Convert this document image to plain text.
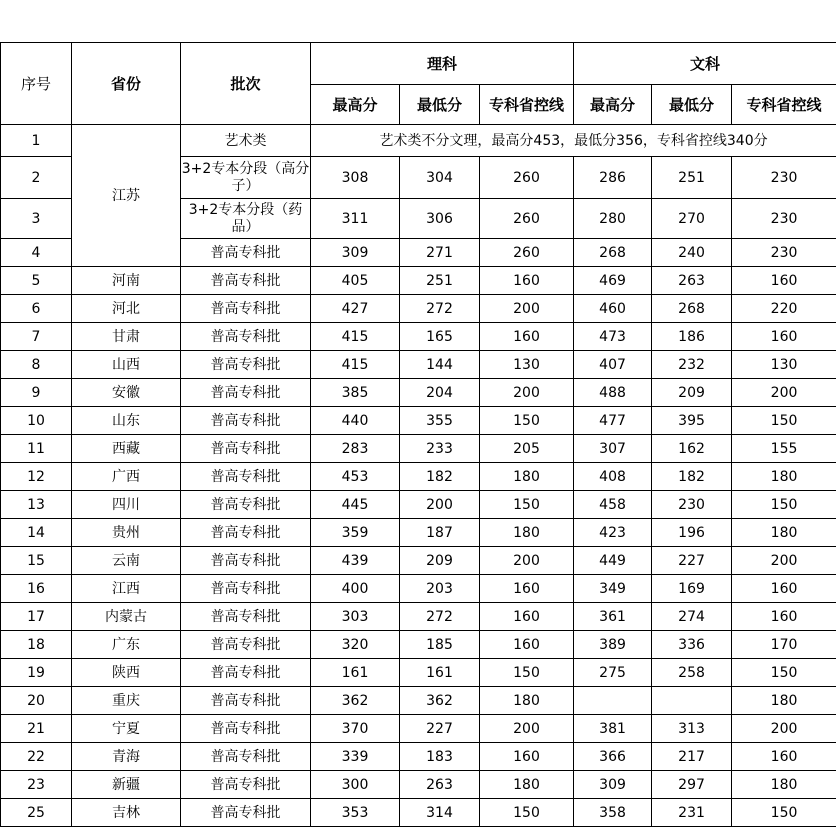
序号	省份	批次	理科			文科		
			最高分	最低分	专科省控线	最高分	最低分	专科省控线
1	江苏	艺术类	艺术类不分文理，最高分453，最低分356，专科省控线340分					
2		3+2专本分段（高分子）	308	304	260	286	251	230
3		3+2专本分段（药品）	311	306	260	280	270	230
4		普高专科批	309	271	260	268	240	230
5	河南	普高专科批	405	251	160	469	263	160
6	河北	普高专科批	427	272	200	460	268	220
7	甘肃	普高专科批	415	165	160	473	186	160
8	山西	普高专科批	415	144	130	407	232	130
9	安徽	普高专科批	385	204	200	488	209	200
10	山东	普高专科批	440	355	150	477	395	150
11	西藏	普高专科批	283	233	205	307	162	155
12	广西	普高专科批	453	182	180	408	182	180
13	四川	普高专科批	445	200	150	458	230	150
14	贵州	普高专科批	359	187	180	423	196	180
15	云南	普高专科批	439	209	200	449	227	200
16	江西	普高专科批	400	203	160	349	169	160
17	内蒙古	普高专科批	303	272	160	361	274	160
18	广东	普高专科批	320	185	160	389	336	170
19	陕西	普高专科批	161	161	150	275	258	150
20	重庆	普高专科批	362	362	180			180
21	宁夏	普高专科批	370	227	200	381	313	200
22	青海	普高专科批	339	183	160	366	217	160
23	新疆	普高专科批	300	263	180	309	297	180
25	吉林	普高专科批	353	314	150	358	231	150
